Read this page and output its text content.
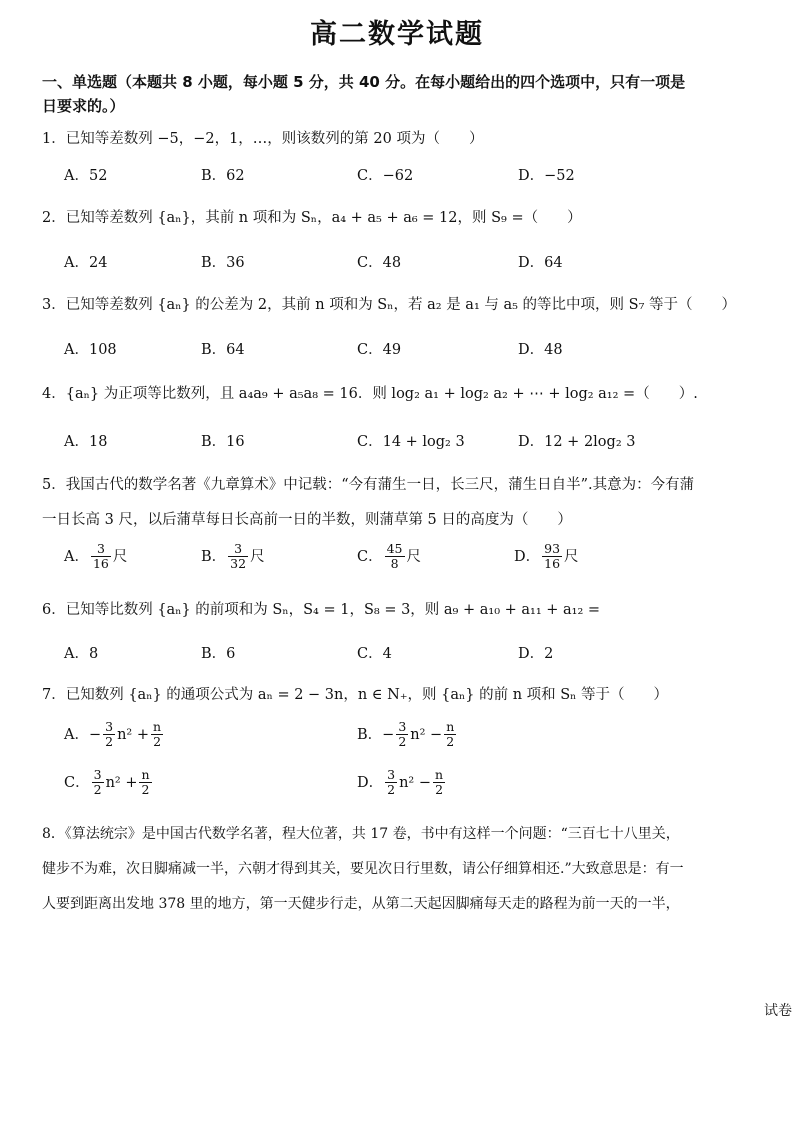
高二数学试题
一、单选题（本题共 8 小题，每小题 5 分，共 40 分。在每小题给出的四个选项中，只有一项是
日要求的。）
1．已知等差数列 −5，−2，1，…，则该数列的第 20 项为（　　）
A．52	B．62	C．−62	D．−52
2．已知等差数列 {aₙ}，其前 n 项和为 Sₙ，a₄ + a₅ + a₆ = 12，则 S₉ =（　　）
A．24	B．36	C．48	D．64
3．已知等差数列 {aₙ} 的公差为 2，其前 n 项和为 Sₙ，若 a₂ 是 a₁ 与 a₅ 的等比中项，则 S₇ 等于（　　）
A．108	B．64	C．49	D．48
4．{aₙ} 为正项等比数列，且 a₄a₉ + a₅a₈ = 16．则 log₂ a₁ + log₂ a₂ + ⋯ + log₂ a₁₂ =（　　）.
A．18	B．16	C．14 + log₂ 3	D．12 + 2log₂ 3
5．我国古代的数学名著《九章算术》中记载：“今有蒲生一日，长三尺，蒲生日自半”.其意为：今有蒲
一日长高 3 尺，以后蒲草每日长高前一日的半数，则蒲草第 5 日的高度为（　　）
A． $\frac{3}{16}$ 尺	B． $\frac{3}{32}$ 尺	C． $\frac{45}{8}$ 尺	D． $\frac{93}{16}$ 尺
6．已知等比数列 {aₙ} 的前项和为 Sₙ，S₄ = 1，S₈ = 3，则 a₉ + a₁₀ + a₁₁ + a₁₂ =
A．8	B．6	C．4	D．2
7．已知数列 {aₙ} 的通项公式为 aₙ = 2 − 3n，n ∈ N₊，则 {aₙ} 的前 n 项和 Sₙ 等于（　　）
A．− $\frac{3}{2} n^2 + \frac{n}{2}$	B．− $\frac{3}{2} n^2 - \frac{n}{2}$
C． $\frac{3}{2} n^2 + \frac{n}{2}$	D． $\frac{3}{2} n^2 - \frac{n}{2}$
8．《算法统宗》是中国古代数学名著，程大位著，共 17 卷，书中有这样一个问题：“三百七十八里关，
健步不为难，次日脚痛减一半，六朝才得到其关，要见次日行里数，请公仔细算相还.”大致意思是：有一
人要到距离出发地 378 里的地方，第一天健步行走，从第二天起因脚痛每天走的路程为前一天的一半，
试卷
